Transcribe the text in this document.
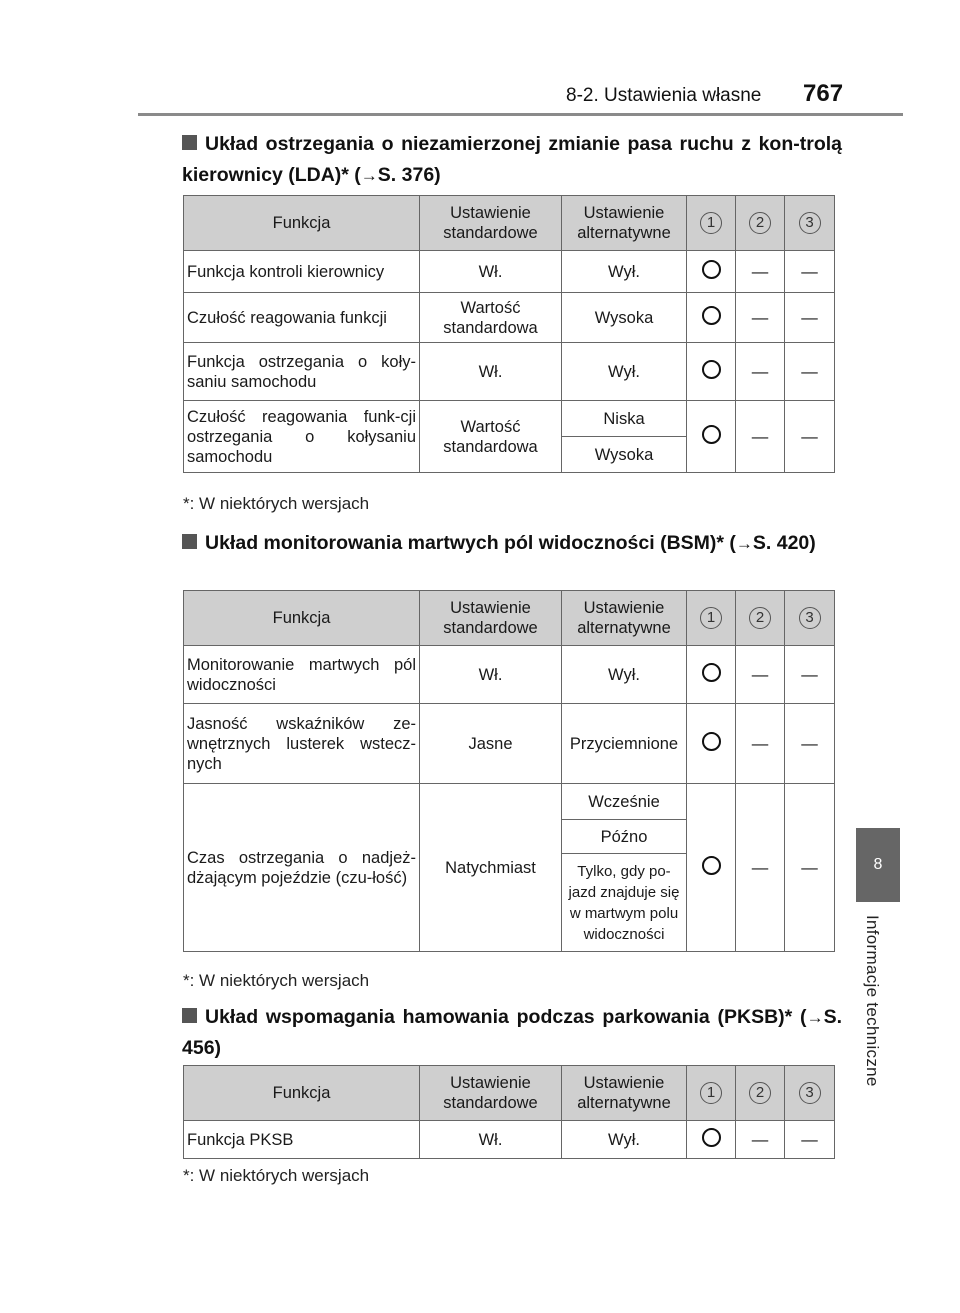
8-2. Ustawienia własne 767
8
Informacje techniczne
Układ ostrzegania o niezamierzonej zmianie pasa ruchu z kon-trolą kierownicy (LDA)* (→S. 376)
Funkcja	Ustawienie standardowe	Ustawienie alternatywne	1	2	3
Funkcja kontroli kierownicy	Wł.	Wył.		—	—
Czułość reagowania funkcji	Wartość standardowa	Wysoka		—	—
Funkcja ostrzegania o koły-saniu samochodu	Wł.	Wył.		—	—
Czułość reagowania funk-cji ostrzegania o kołysaniu samochodu	Wartość standardowa	Niska		—	—
		Wysoka			
*: W niektórych wersjach
Układ monitorowania martwych pól widoczności (BSM)* (→S. 420)
Funkcja	Ustawienie standardowe	Ustawienie alternatywne	1	2	3
Monitorowanie martwych pól widoczności	Wł.	Wył.		—	—
Jasność wskaźników ze-wnętrznych lusterek wstecz-nych	Jasne	Przyciemnione		—	—
Czas ostrzegania o nadjeż-dżającym pojeździe (czu-łość)	Natychmiast	Wcześnie		—	—
		Późno			
		Tylko, gdy po-jazd znajduje się w martwym polu widoczności			
*: W niektórych wersjach
Układ wspomagania hamowania podczas parkowania (PKSB)* (→S. 456)
Funkcja	Ustawienie standardowe	Ustawienie alternatywne	1	2	3
Funkcja PKSB	Wł.	Wył.		—	—
*: W niektórych wersjach
